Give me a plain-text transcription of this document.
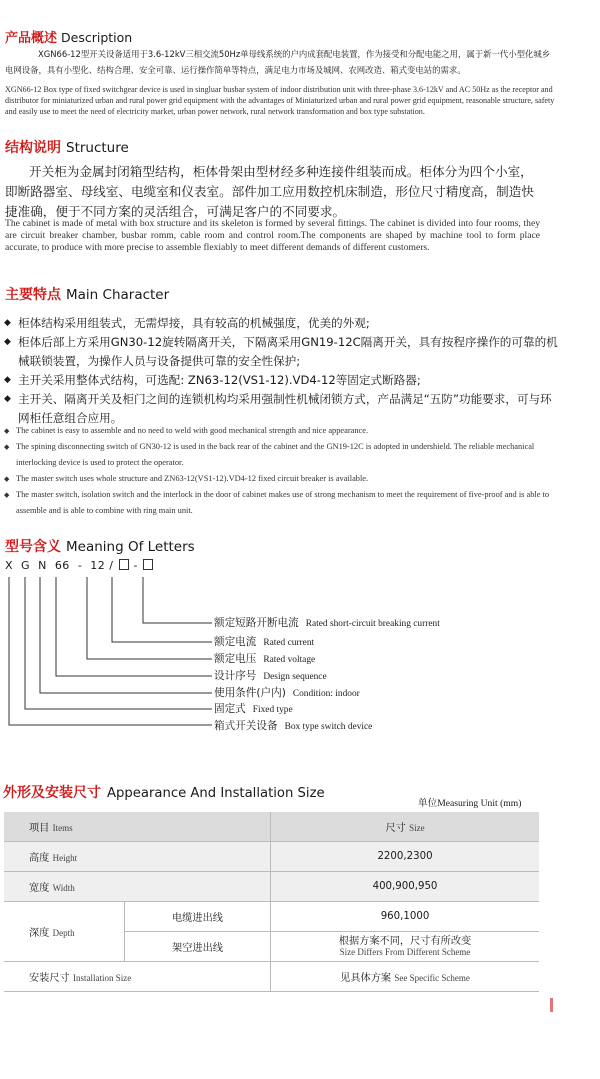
产品概述 Description
XGN66-12型开关设备适用于3.6-12kV三相交流50Hz单母线系统的户内成套配电装置，作为接受和分配电能之用，属于新一代小型化城乡电网设备，具有小型化、结构合理、安全可靠、运行操作简单等特点，满足电力市场及城网、农网改造、箱式变电站的需求。
XGN66-12 Box type of fixed switchgear device is used in singluar busbar system of indoor distribution unit with three-phase 3.6-12kV and AC 50Hz as the receptor and distributor for miniaturized urban and rural power grid equipment with the advantages of Miniaturized urban and rural power grid equipment, reasonable structure, safety and easily use to meet the need of electricity market, urban power network, rural network transformation and box type substation.
结构说明 Structure
开关柜为金属封闭箱型结构，柜体骨架由型材经多种连接件组装而成。柜体分为四个小室，即断路器室、母线室、电缆室和仪表室。部件加工应用数控机床制造，形位尺寸精度高，制造快捷准确，便于不同方案的灵活组合，可满足客户的不同要求。
The cabinet is made of metal with box structure and its skeleton is formed by several fittings. The cabinet is divided into four rooms, they are circuit breaker chamber, busbar romm, cable room and control room.The components are shaped by machine tool to form place accurate, to produce with more precise to assemble flexiably to meet different demands of different customers.
主要特点 Main Character
◆ 柜体结构采用组装式，无需焊接，具有较高的机械强度，优美的外观;
◆ 柜体后部上方采用GN30-12旋转隔离开关，下隔离采用GN19-12C隔离开关，具有按程序操作的可靠的机械联锁装置，为操作人员与设备提供可靠的安全性保护;
◆ 主开关采用整体式结构，可选配: ZN63-12(VS1-12).VD4-12等固定式断路器;
◆ 主开关、隔离开关及柜门之间的连锁机构均采用强制性机械闭锁方式，产品满足“五防”功能要求，可与环网柜任意组合应用。
◆ The cabinet is easy to assemble and no need to weld with good mechanical strength and nice appearance.
◆ The spining disconnecting switch of GN30-12 is used in the back rear of the cabinet and the GN19-12C is adopted in undershield. The reliable mechanical interlocking device is used to protect the operator.
◆ The master switch uses whole structure and ZN63-12(VS1-12).VD4-12 fixed circuit breaker is available.
◆ The master switch, isolation switch and the interlock in the door of cabinet makes use of strong mechanism to meet the requirement of five-proof and is able to assemble and is able to combine with ring main unit.
型号含义 Meaning Of Letters
X G N 66 - 12 / -
额定短路开断电流 Rated short-circuit breaking current
额定电流 Rated current
额定电压 Rated voltage
设计序号 Design sequence
使用条件(户内) Condition: indoor
固定式 Fixed type
箱式开关设备 Box type switch device
外形及安装尺寸 Appearance And Installation Size
单位Measuring Unit (mm)
项目 Items		尺寸 Size
高度 Height		2200,2300
宽度 Width		400,900,950
深度 Depth	电缆进出线	960,1000
	架空进出线	根据方案不同，尺寸有所改变
Size Differs From Different Scheme

安装尺寸 Installation Size		见具体方案 See Specific Scheme
